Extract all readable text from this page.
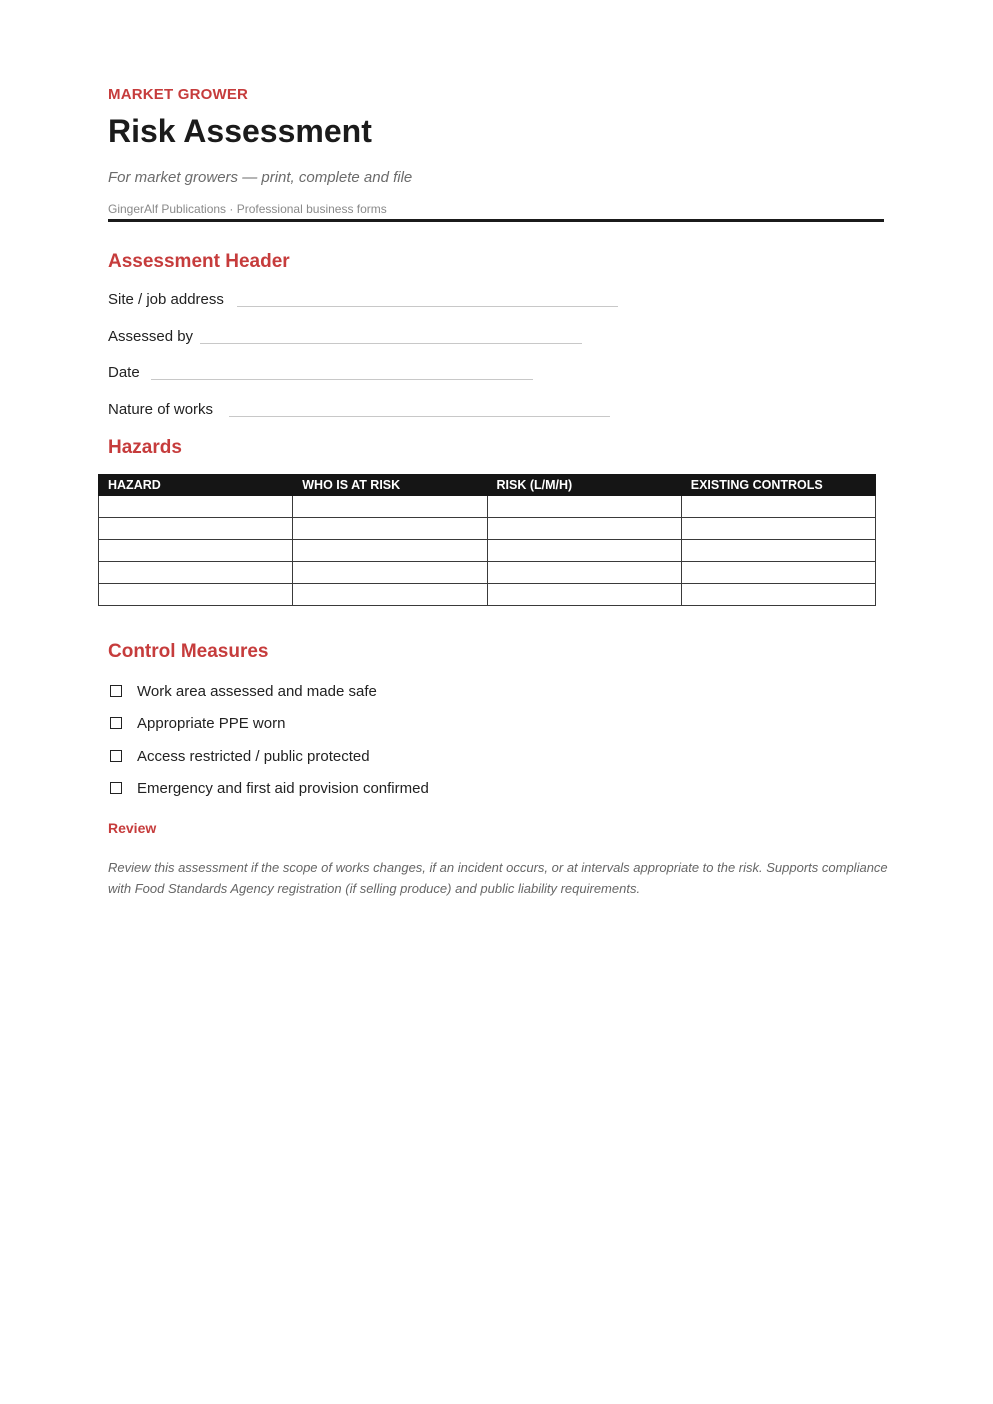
MARKET GROWER
Risk Assessment
For market growers — print, complete and file
GingerAlf Publications · Professional business forms
Assessment Header
Site / job address
Assessed by
Date
Nature of works
Hazards
HAZARD	WHO IS AT RISK	RISK (L/M/H)	EXISTING CONTROLS

Control Measures
Work area assessed and made safe
Appropriate PPE worn
Access restricted / public protected
Emergency and first aid provision confirmed
Review
Review this assessment if the scope of works changes, if an incident occurs, or at intervals appropriate to the risk. Supports compliance with Food Standards Agency registration (if selling produce) and public liability requirements.
